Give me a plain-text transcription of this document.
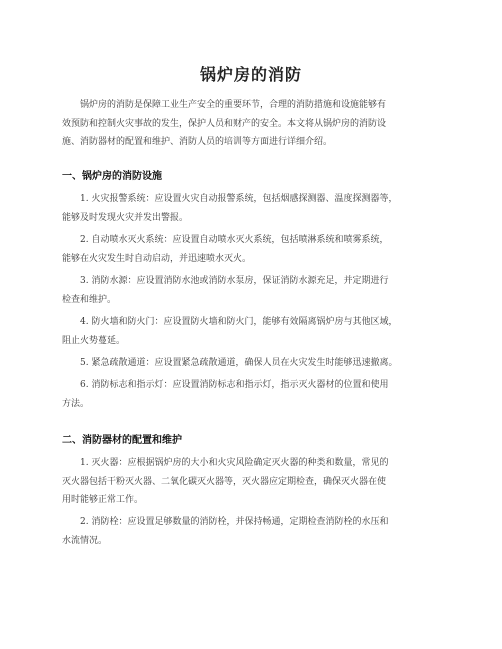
锅炉房的消防
锅炉房的消防是保障工业生产安全的重要环节，合理的消防措施和设施能够有
效预防和控制火灾事故的发生，保护人员和财产的安全。本文将从锅炉房的消防设
施、消防器材的配置和维护、消防人员的培训等方面进行详细介绍。
一、锅炉房的消防设施
1. 火灾报警系统：应设置火灾自动报警系统，包括烟感探测器、温度探测器等，
能够及时发现火灾并发出警报。
2. 自动喷水灭火系统：应设置自动喷水灭火系统，包括喷淋系统和喷雾系统，
能够在火灾发生时自动启动，并迅速喷水灭火。
3. 消防水源：应设置消防水池或消防水泵房，保证消防水源充足，并定期进行
检查和维护。
4. 防火墙和防火门：应设置防火墙和防火门，能够有效隔离锅炉房与其他区域，
阻止火势蔓延。
5. 紧急疏散通道：应设置紧急疏散通道，确保人员在火灾发生时能够迅速撤离。
6. 消防标志和指示灯：应设置消防标志和指示灯，指示灭火器材的位置和使用
方法。
二、消防器材的配置和维护
1. 灭火器：应根据锅炉房的大小和火灾风险确定灭火器的种类和数量，常见的
灭火器包括干粉灭火器、二氧化碳灭火器等，灭火器应定期检查，确保灭火器在使
用时能够正常工作。
2. 消防栓：应设置足够数量的消防栓，并保持畅通，定期检查消防栓的水压和
水流情况。
